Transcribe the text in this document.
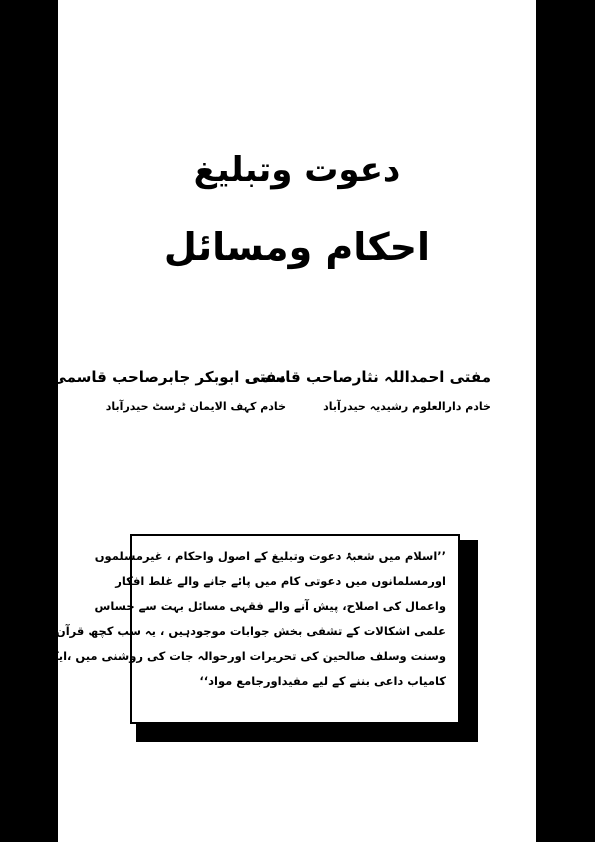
دعوت وتبلیغ
احکام ومسائل
مفتی احمداللہ نثارصاحب قاسمی
خادم دارالعلوم رشیدیہ حیدرآباد
مفتی ابوبکر جابرصاحب قاسمی
خادم کہف الایمان ٹرسٹ حیدرآباد
’’اسلام میں شعبۂ دعوت وتبلیغ کے اصول واحکام ، غیرمسلموں
اورمسلمانوں میں دعوتی کام میں پائے جانے والے غلط افکار
واعمال کی اصلاح، پیش آنے والے فقہی مسائل بہت سے حساس
علمی اشکالات کے تشفی بخش جوابات موجودہیں ، یہ سب کچھ قرآن
وسنت وسلف صالحین کی تحریرات اورحوالہ جات کی روشنی میں ،ایک
کامیاب داعی بننے کے لیے مفیداورجامع مواد‘‘
